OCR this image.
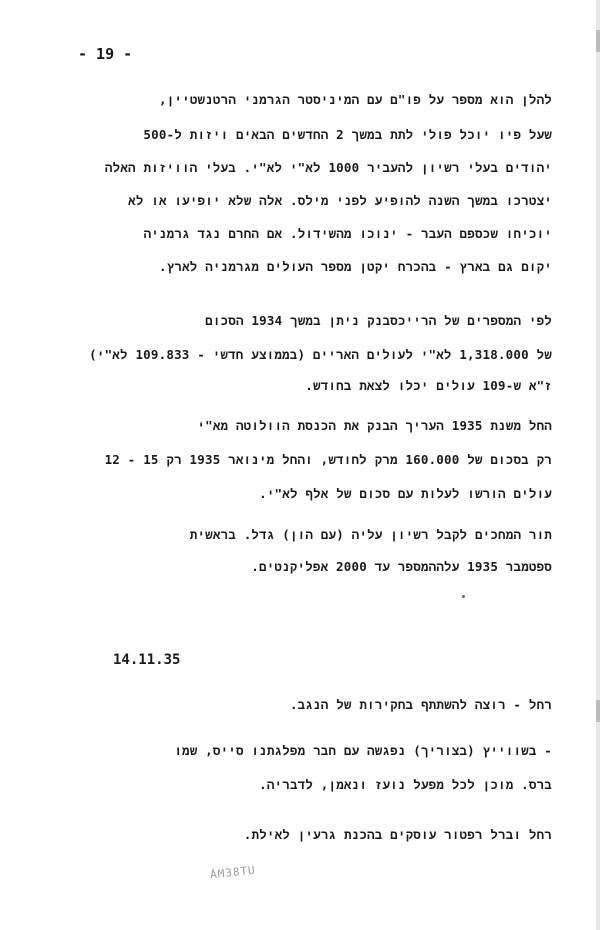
- 19 -
להלן הוא מספר על פו"ם עם המיניסטר הגרמני הרטנשטיין,
שעל פיו יוכל פולי לתת במשך 2 החדשים הבאים ויזות ל-500
יהודים בעלי רשיון להעביר 1000 לא"י לא"י. בעלי הוויזות האלה
יצטרכו במשך השנה להופיע לפני מילס. אלה שלא יופיעו או לא
יוכיחו שכספם העבר - ינוכו מהשידול. אם החרם נגד גרמניה
יקום גם בארץ - בהכרח יקטן מספר העולים מגרמניה לארץ.
לפי המספרים של הרייכסבנק ניתן במשך 1934 הסכום
של 1,318.000 לא"י לעולים האריים (בממוצע חדשי - 109.833 לא"י)
ז"א ש-109 עולים יכלו לצאת בחודש.
החל משנת 1935 העריך הבנק את הכנסת הוולוטה מא"י
רק בסכום של 160.000 מרק לחודש, והחל מינואר 1935 רק 15 - 12
עולים הורשו לעלות עם סכום של אלף לא"י.
תור המחכים לקבל רשיון עליה (עם הון) גדל. בראשית
ספטמבר 1935 עלההמספר עד 2000 אפליקנטים.
14.11.35
רחל - רוצה להשתתף בחקירות של הנגב.
- בשווייץ (בצוריך) נפגשה עם חבר מפלגתנו סייס, שמו
ברס. מוכן לכל מפעל נועז ונאמן, לדבריה.
רחל וברל רפטור עוסקים בהכנת גרעין לאילת.
ÁM38TU
